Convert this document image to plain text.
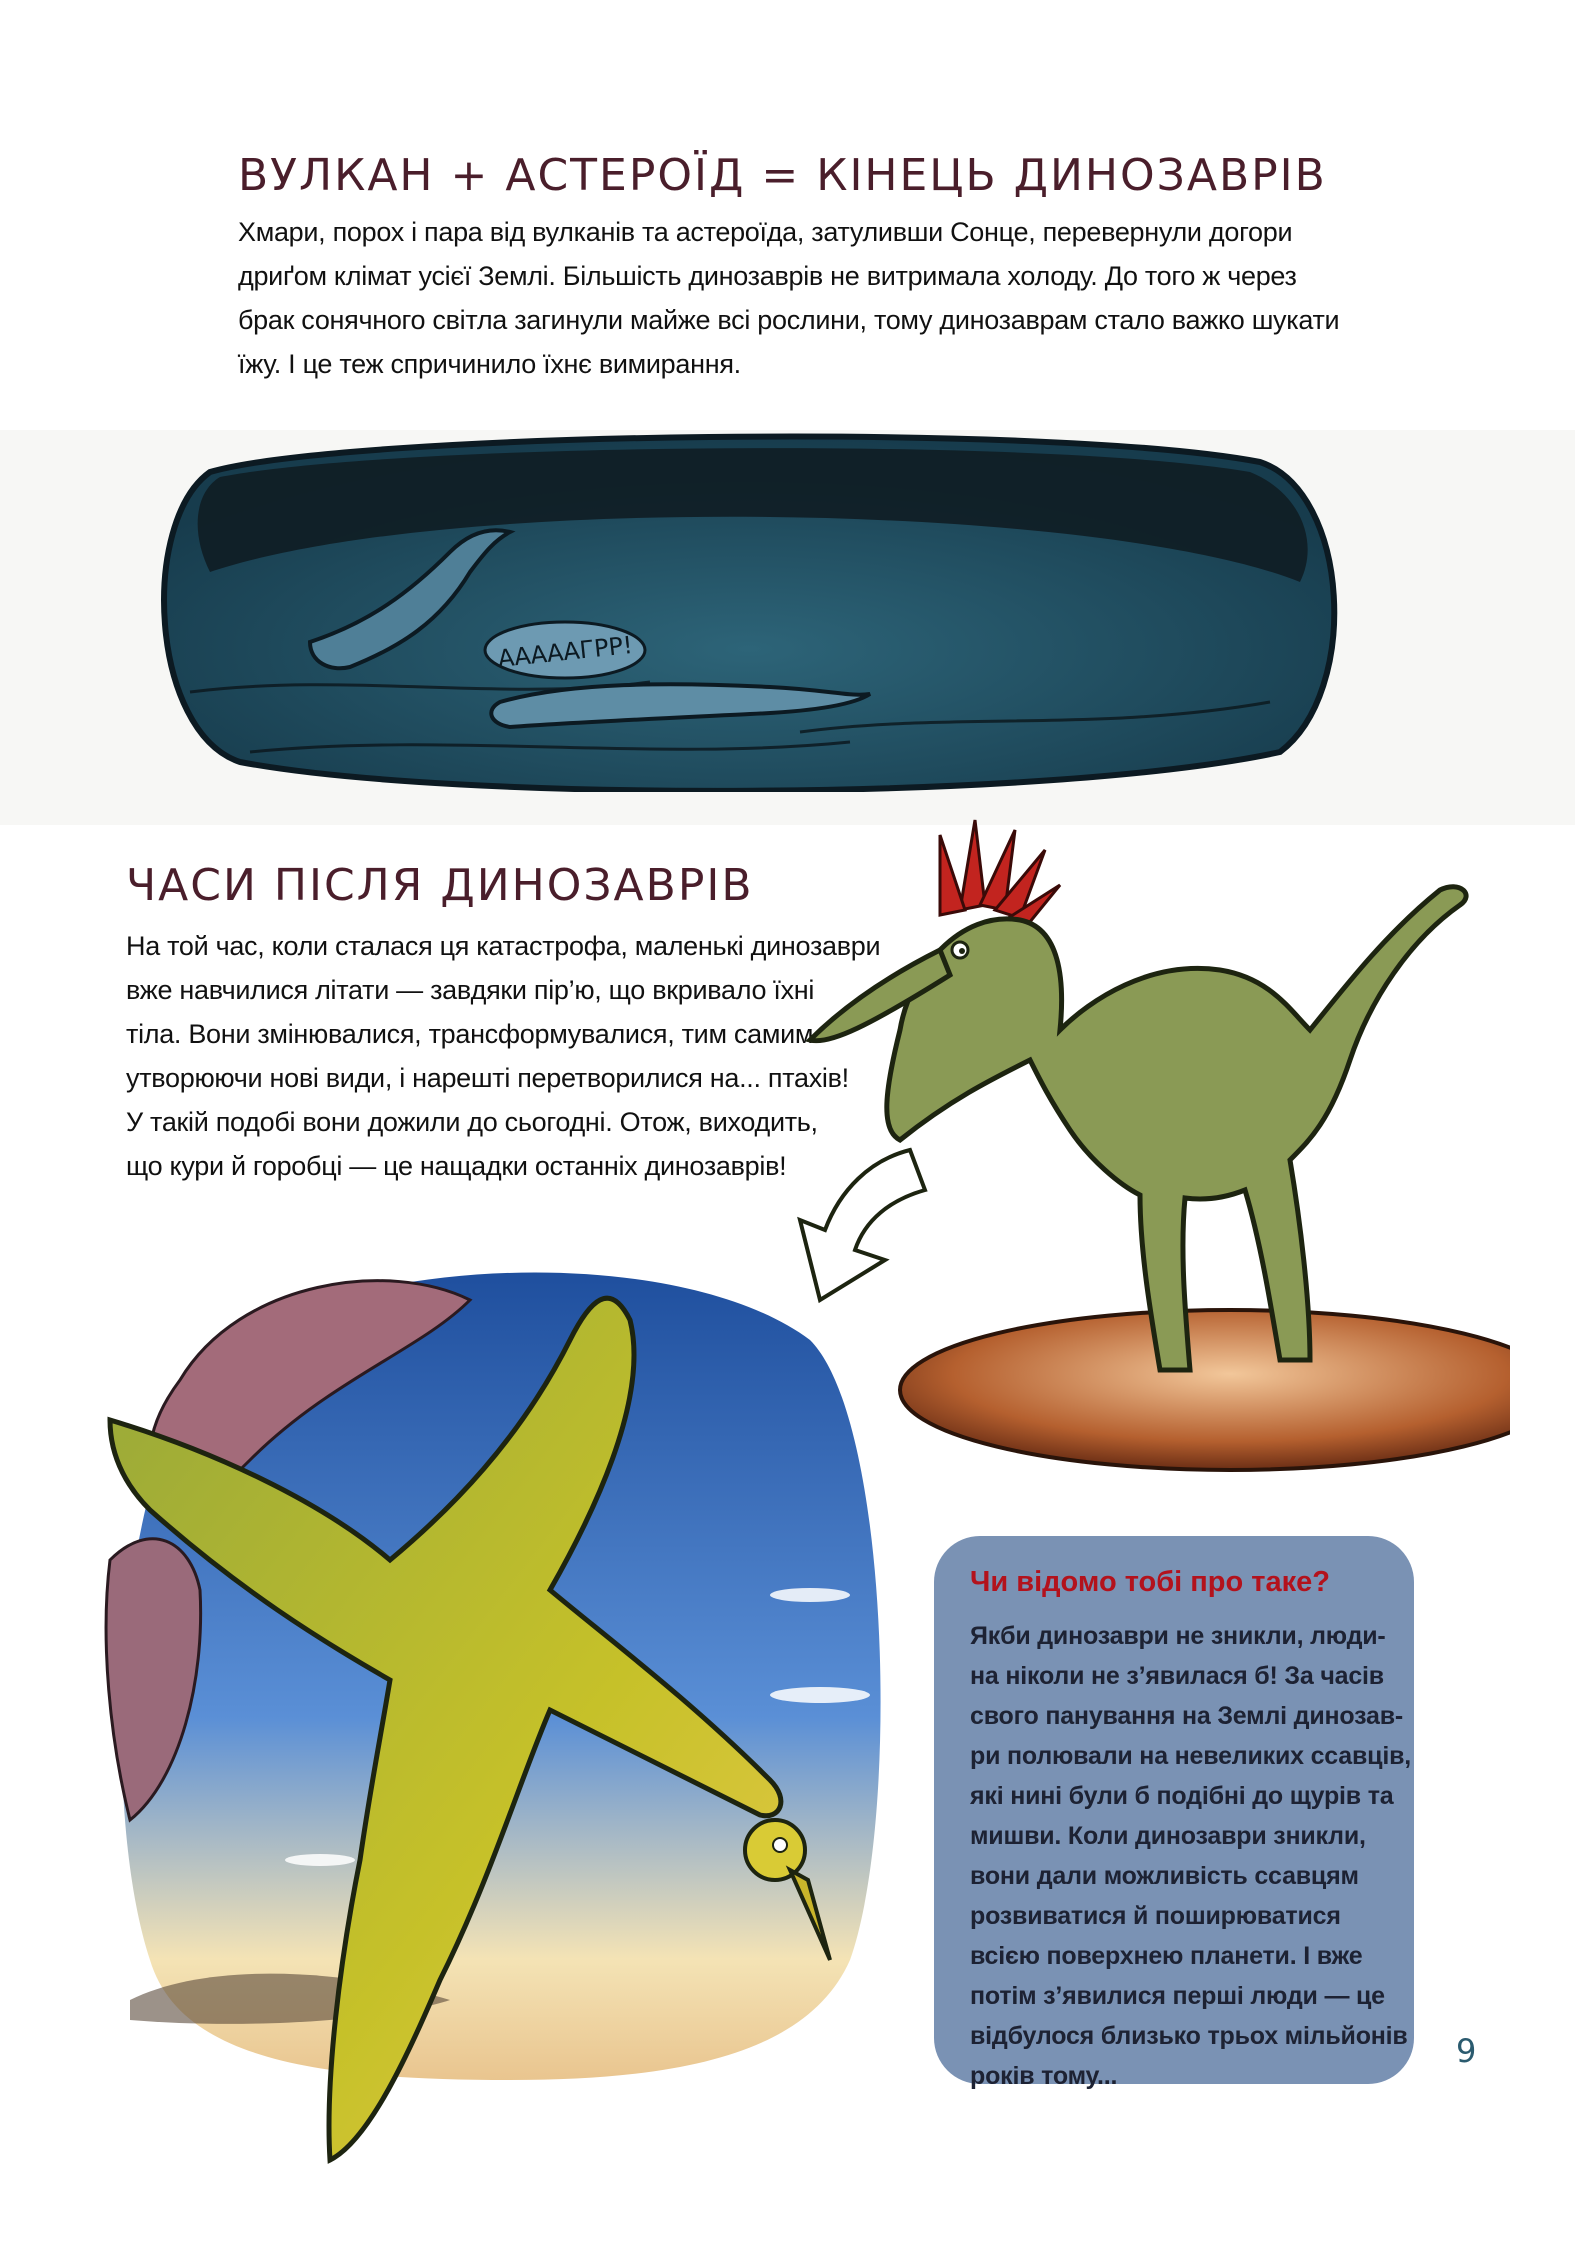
ВУЛКАН + АСТЕРОЇД = КІНЕЦЬ ДИНОЗАВРІВ

Хмари, порох і пара від вулканів та астероїда, затуливши Сонце, перевернули догори
дриґом клімат усієї Землі. Більшість динозаврів не витримала холоду. До того ж через
брак сонячного світла загинули майже всі рослини, тому динозаврам стало важко шукати
їжу. І це теж спричинило їхнє вимирання.

АААААГРР!
ЧАСИ ПІСЛЯ ДИНОЗАВРІВ

На той час, коли сталася ця катастрофа, маленькі динозаври
вже навчилися літати — завдяки пір’ю, що вкривало їхні
тіла. Вони змінювалися, трансформувалися, тим самим
утворюючи нові види, і нарешті перетворилися на... птахів!
У такій подобі вони дожили до сьогодні. Отож, виходить,
що кури й горобці — це нащадки останніх динозаврів!

Чи відомо тобі про таке?
Якби динозаври не зникли, люди-
на ніколи не з’явилася б! За часів
свого панування на Землі динозав-
ри полювали на невеликих ссавців,
які нині були б подібні до щурів та
мишви. Коли динозаври зникли,
вони дали можливість ссавцям
розвиватися й поширюватися
всією поверхнею планети. І вже
потім з’явилися перші люди — це
відбулося близько трьох мільйонів
років тому...
9
